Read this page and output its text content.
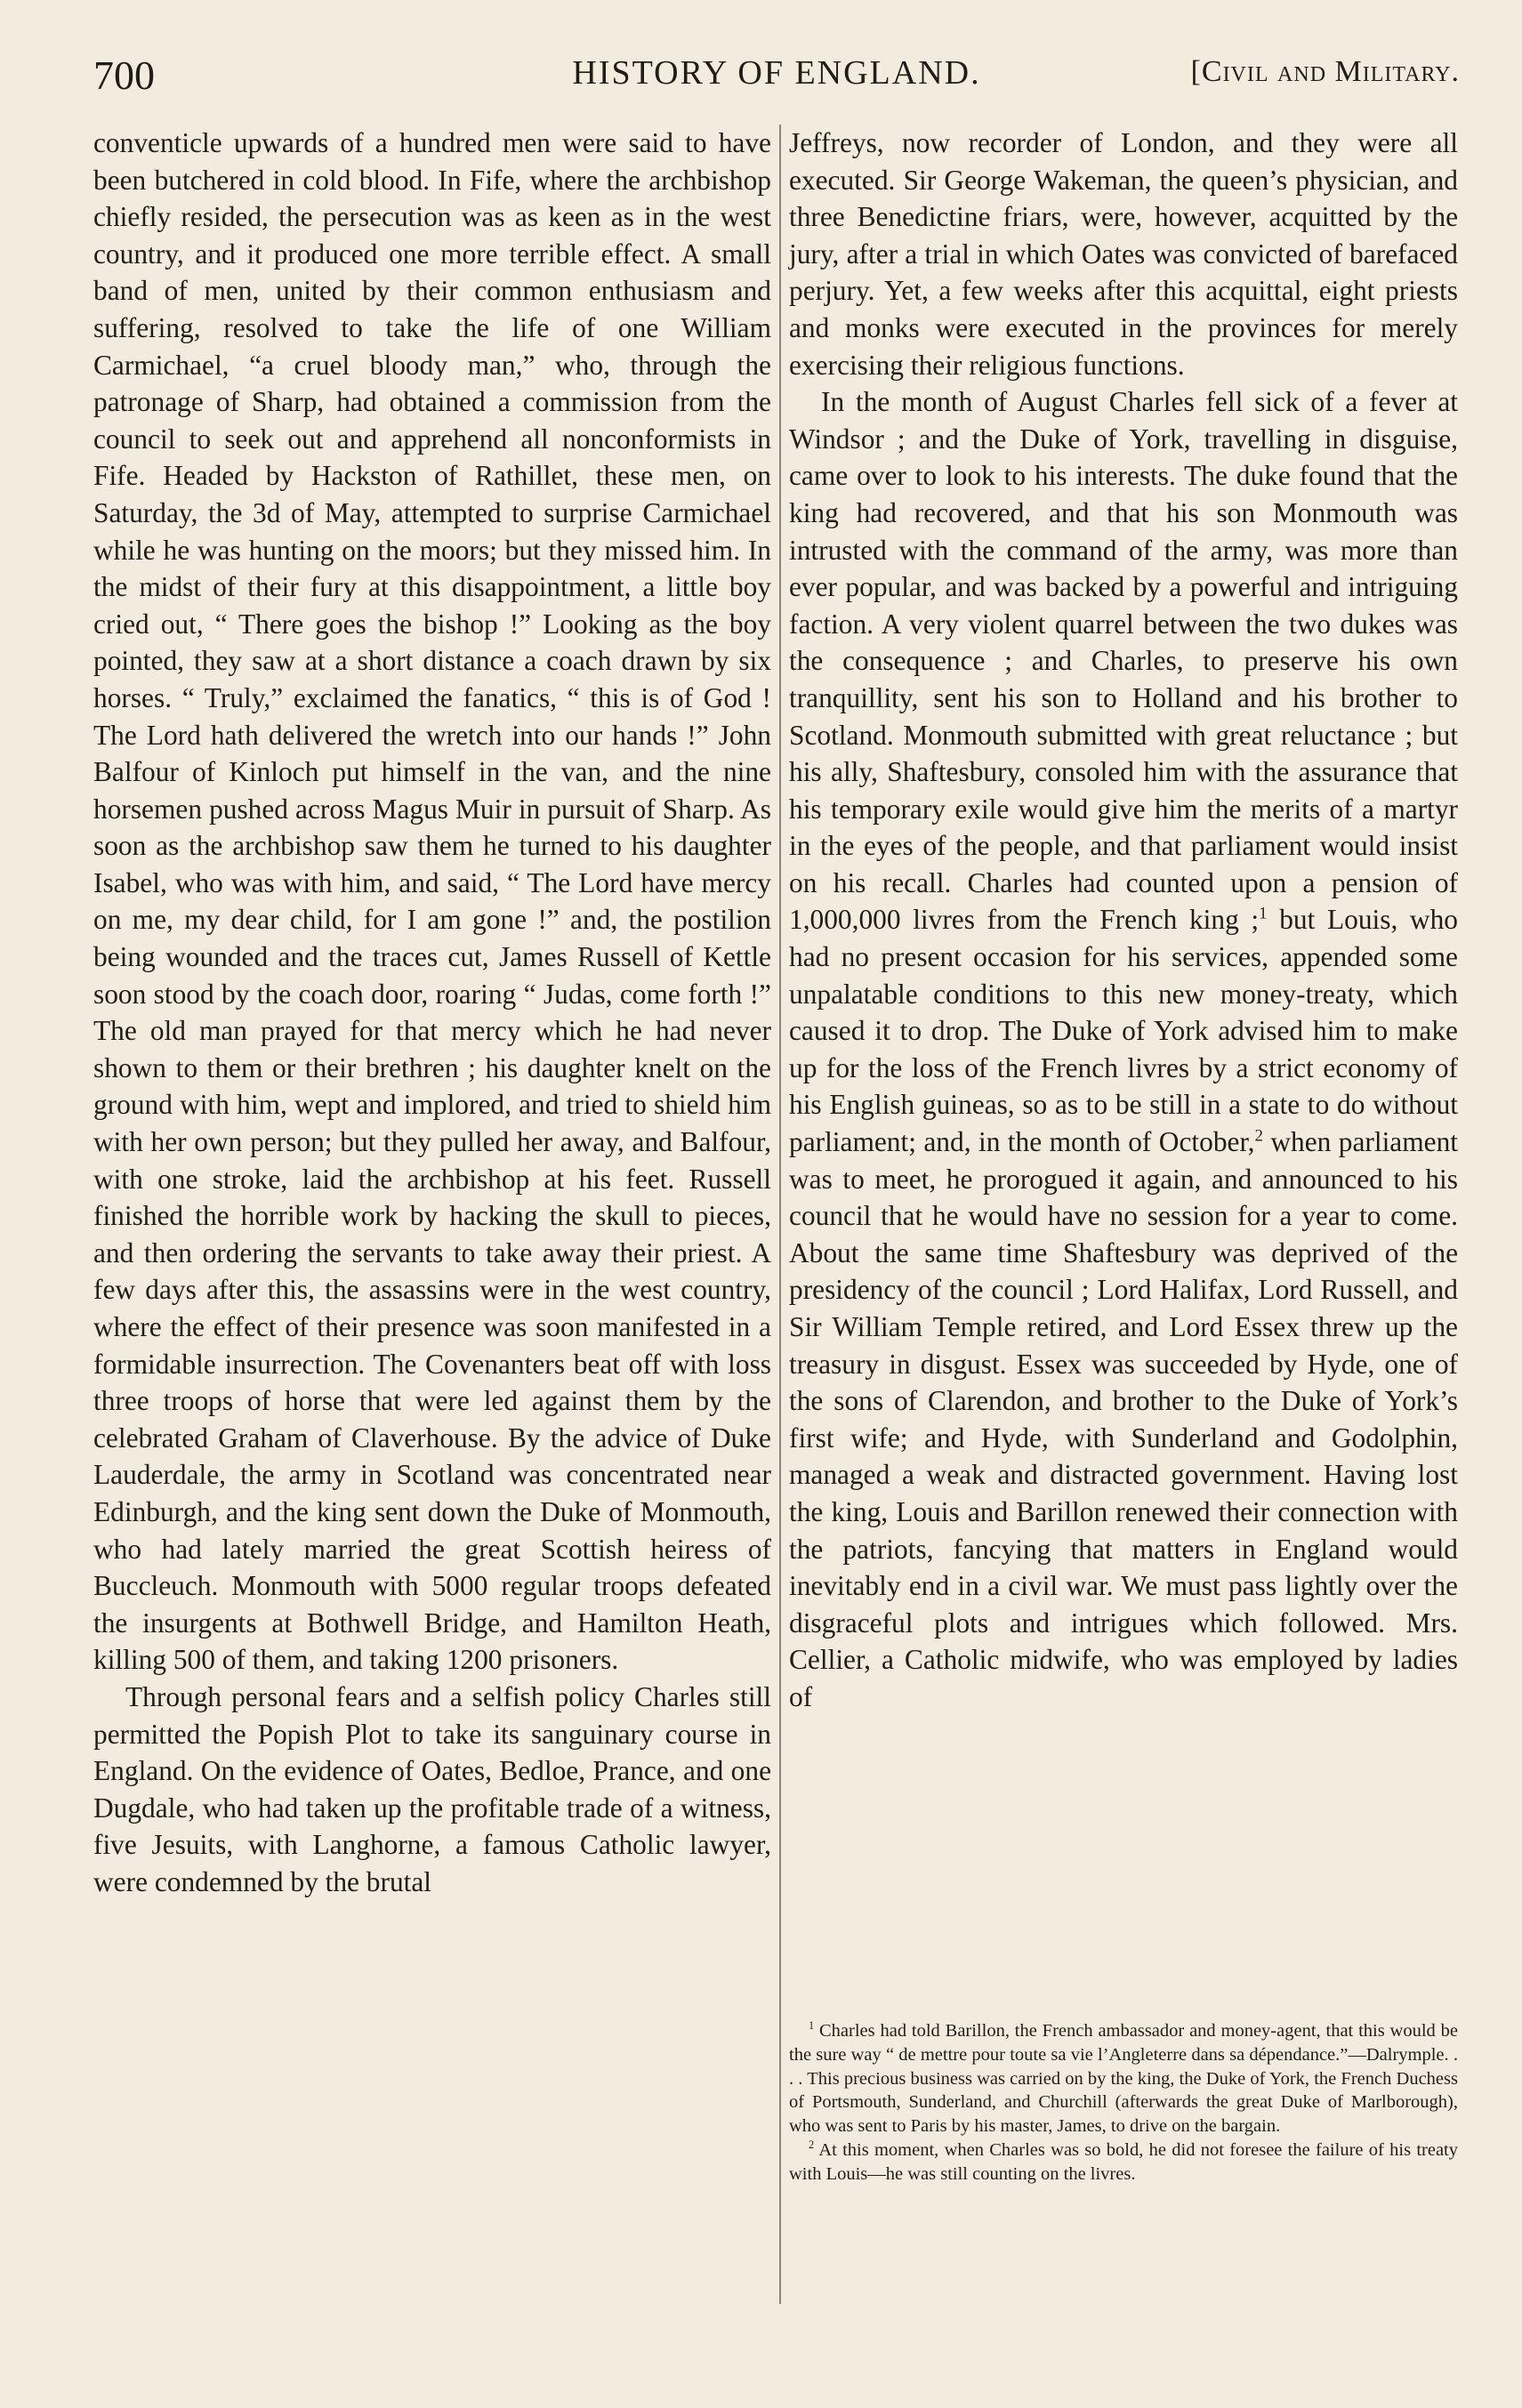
700	HISTORY OF ENGLAND.	[Civil and Military.

conventicle upwards of a hundred men were said to have been butchered in cold blood. In Fife, where the archbishop chiefly resided, the persecution was as keen as in the west country, and it produced one more terrible effect. A small band of men, united by their common enthusiasm and suffering, resolved to take the life of one William Carmichael, “a cruel bloody man,” who, through the patronage of Sharp, had obtained a commission from the council to seek out and apprehend all nonconformists in Fife. Headed by Hackston of Rathillet, these men, on Saturday, the 3d of May, attempted to surprise Carmichael while he was hunting on the moors; but they missed him. In the midst of their fury at this disappointment, a little boy cried out, “ There goes the bishop !” Looking as the boy pointed, they saw at a short distance a coach drawn by six horses. “ Truly,” exclaimed the fanatics, “ this is of God ! The Lord hath delivered the wretch into our hands !” John Balfour of Kinloch put himself in the van, and the nine horsemen pushed across Magus Muir in pursuit of Sharp. As soon as the archbishop saw them he turned to his daughter Isabel, who was with him, and said, “ The Lord have mercy on me, my dear child, for I am gone !” and, the postilion being wounded and the traces cut, James Russell of Kettle soon stood by the coach door, roaring “ Judas, come forth !” The old man prayed for that mercy which he had never shown to them or their brethren ; his daughter knelt on the ground with him, wept and implored, and tried to shield him with her own person; but they pulled her away, and Balfour, with one stroke, laid the archbishop at his feet. Russell finished the horrible work by hacking the skull to pieces, and then ordering the servants to take away their priest. A few days after this, the assassins were in the west country, where the effect of their presence was soon manifested in a formidable insurrection. The Covenanters beat off with loss three troops of horse that were led against them by the celebrated Graham of Claverhouse. By the advice of Duke Lauderdale, the army in Scotland was concentrated near Edinburgh, and the king sent down the Duke of Monmouth, who had lately married the great Scottish heiress of Buccleuch. Monmouth with 5000 regular troops defeated the insurgents at Bothwell Bridge, and Hamilton Heath, killing 500 of them, and taking 1200 prisoners.

Through personal fears and a selfish policy Charles still permitted the Popish Plot to take its sanguinary course in England. On the evidence of Oates, Bedloe, Prance, and one Dugdale, who had taken up the profitable trade of a witness, five Jesuits, with Langhorne, a famous Catholic lawyer, were condemned by the brutal

Jeffreys, now recorder of London, and they were all executed. Sir George Wakeman, the queen’s physician, and three Benedictine friars, were, however, acquitted by the jury, after a trial in which Oates was convicted of barefaced perjury. Yet, a few weeks after this acquittal, eight priests and monks were executed in the provinces for merely exercising their religious functions.

In the month of August Charles fell sick of a fever at Windsor ; and the Duke of York, travelling in disguise, came over to look to his interests. The duke found that the king had recovered, and that his son Monmouth was intrusted with the command of the army, was more than ever popular, and was backed by a powerful and intriguing faction. A very violent quarrel between the two dukes was the consequence ; and Charles, to preserve his own tranquillity, sent his son to Holland and his brother to Scotland. Monmouth submitted with great reluctance ; but his ally, Shaftesbury, consoled him with the assurance that his temporary exile would give him the merits of a martyr in the eyes of the people, and that parliament would insist on his recall. Charles had counted upon a pension of 1,000,000 livres from the French king ;$^1$ but Louis, who had no present occasion for his services, appended some unpalatable conditions to this new money-treaty, which caused it to drop. The Duke of York advised him to make up for the loss of the French livres by a strict economy of his English guineas, so as to be still in a state to do without parliament; and, in the month of October,$^2$ when parliament was to meet, he prorogued it again, and announced to his council that he would have no session for a year to come. About the same time Shaftesbury was deprived of the presidency of the council ; Lord Halifax, Lord Russell, and Sir William Temple retired, and Lord Essex threw up the treasury in disgust. Essex was succeeded by Hyde, one of the sons of Clarendon, and brother to the Duke of York’s first wife; and Hyde, with Sunderland and Godolphin, managed a weak and distracted government. Having lost the king, Louis and Barillon renewed their connection with the patriots, fancying that matters in England would inevitably end in a civil war. We must pass lightly over the disgraceful plots and intrigues which followed. Mrs. Cellier, a Catholic midwife, who was employed by ladies of

$^1$ Charles had told Barillon, the French ambassador and money-agent, that this would be the sure way “ de mettre pour toute sa vie l’Angleterre dans sa dépendance.”—Dalrymple. . . . This precious business was carried on by the king, the Duke of York, the French Duchess of Portsmouth, Sunderland, and Churchill (afterwards the great Duke of Marlborough), who was sent to Paris by his master, James, to drive on the bargain.

$^2$ At this moment, when Charles was so bold, he did not foresee the failure of his treaty with Louis—he was still counting on the livres.
